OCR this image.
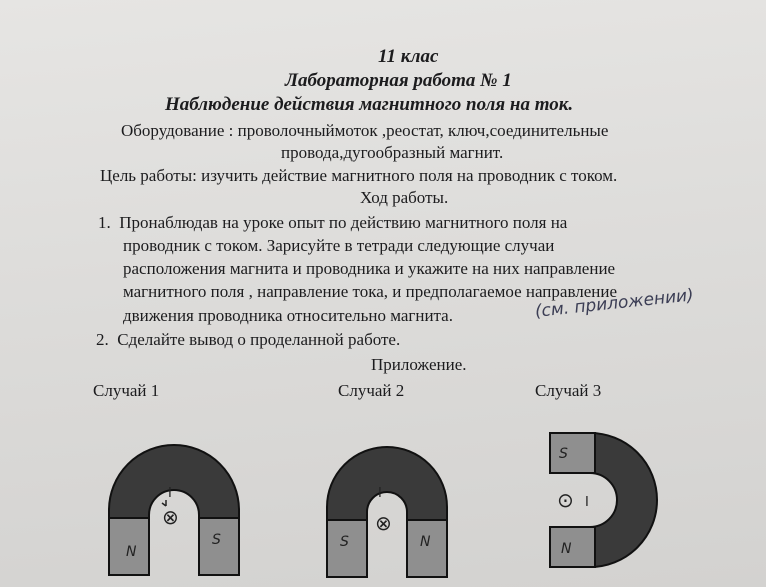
11 клас
Лабораторная работа № 1
Наблюдение действия магнитного поля на ток.
Оборудование : проволочныймоток ,реостат, ключ,соединительные
провода,дугообразный магнит.
Цель работы: изучить действие магнитного поля на проводник с током.
Ход работы.
1. Пронаблюдав на уроке опыт по действию магнитного поля на
проводник с током. Зарисуйте в тетради следующие случаи
расположения магнита и проводника и укажите на них направление
магнитного поля , направление тока, и предполагаемое направление
движения проводника относительно магнита.	(см. приложении)
2. Сделайте вывод о проделанной работе.
Приложение.
Случай 1	Случай 2	Случай 3
N
S
I
⊗
S	N
I
⊗
S
N
⊙ I
